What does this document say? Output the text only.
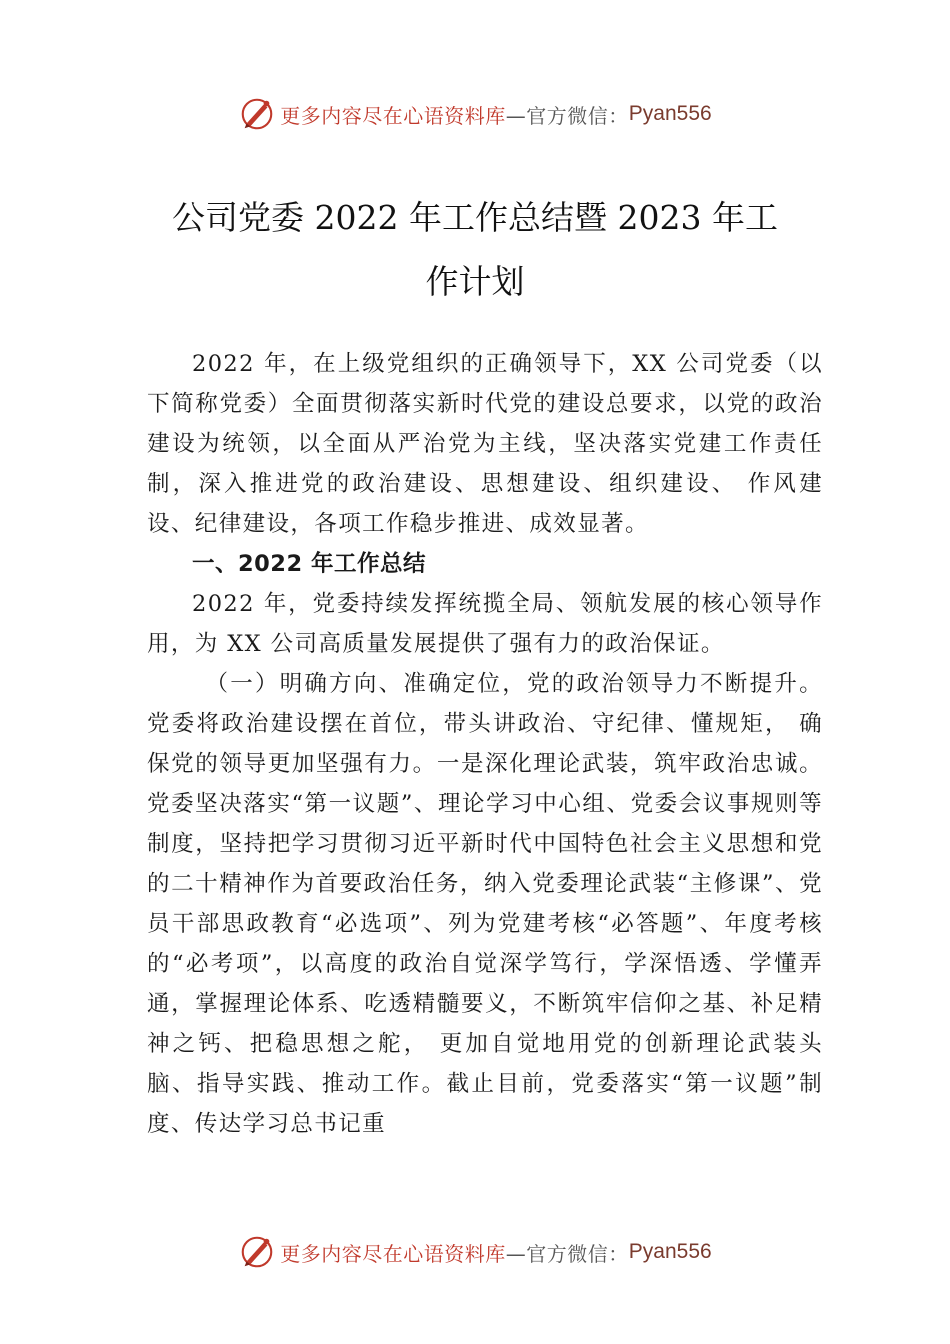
更多内容尽在心语资料库 —官方微信： Pyan556
公司党委 2022 年工作总结暨 2023 年工
作计划

2022 年，在上级党组织的正确领导下，XX 公司党委（以下简称党委）全面贯彻落实新时代党的建设总要求，以党的政治建设为统领，以全面从严治党为主线，坚决落实党建工作责任制，深入推进党的政治建设、思想建设、组织建设、 作风建设、纪律建设，各项工作稳步推进、成效显著。

一、2022 年工作总结

2022 年，党委持续发挥统揽全局、领航发展的核心领导作用，为 XX 公司高质量发展提供了强有力的政治保证。

（一）明确方向、准确定位，党的政治领导力不断提升。党委将政治建设摆在首位，带头讲政治、守纪律、懂规矩， 确保党的领导更加坚强有力。一是深化理论武装，筑牢政治忠诚。党委坚决落实“第一议题”、理论学习中心组、党委会议事规则等制度，坚持把学习贯彻习近平新时代中国特色社会主义思想和党的二十精神作为首要政治任务，纳入党委理论武装“主修课”、党员干部思政教育“必选项”、列为党建考核“必答题”、年度考核的“必考项”，以高度的政治自觉深学笃行，学深悟透、学懂弄通，掌握理论体系、吃透精髓要义，不断筑牢信仰之基、补足精神之钙、把稳思想之舵， 更加自觉地用党的创新理论武装头脑、指导实践、推动工作。截止目前，党委落实“第一议题”制度、传达学习总书记重

更多内容尽在心语资料库 —官方微信： Pyan556
